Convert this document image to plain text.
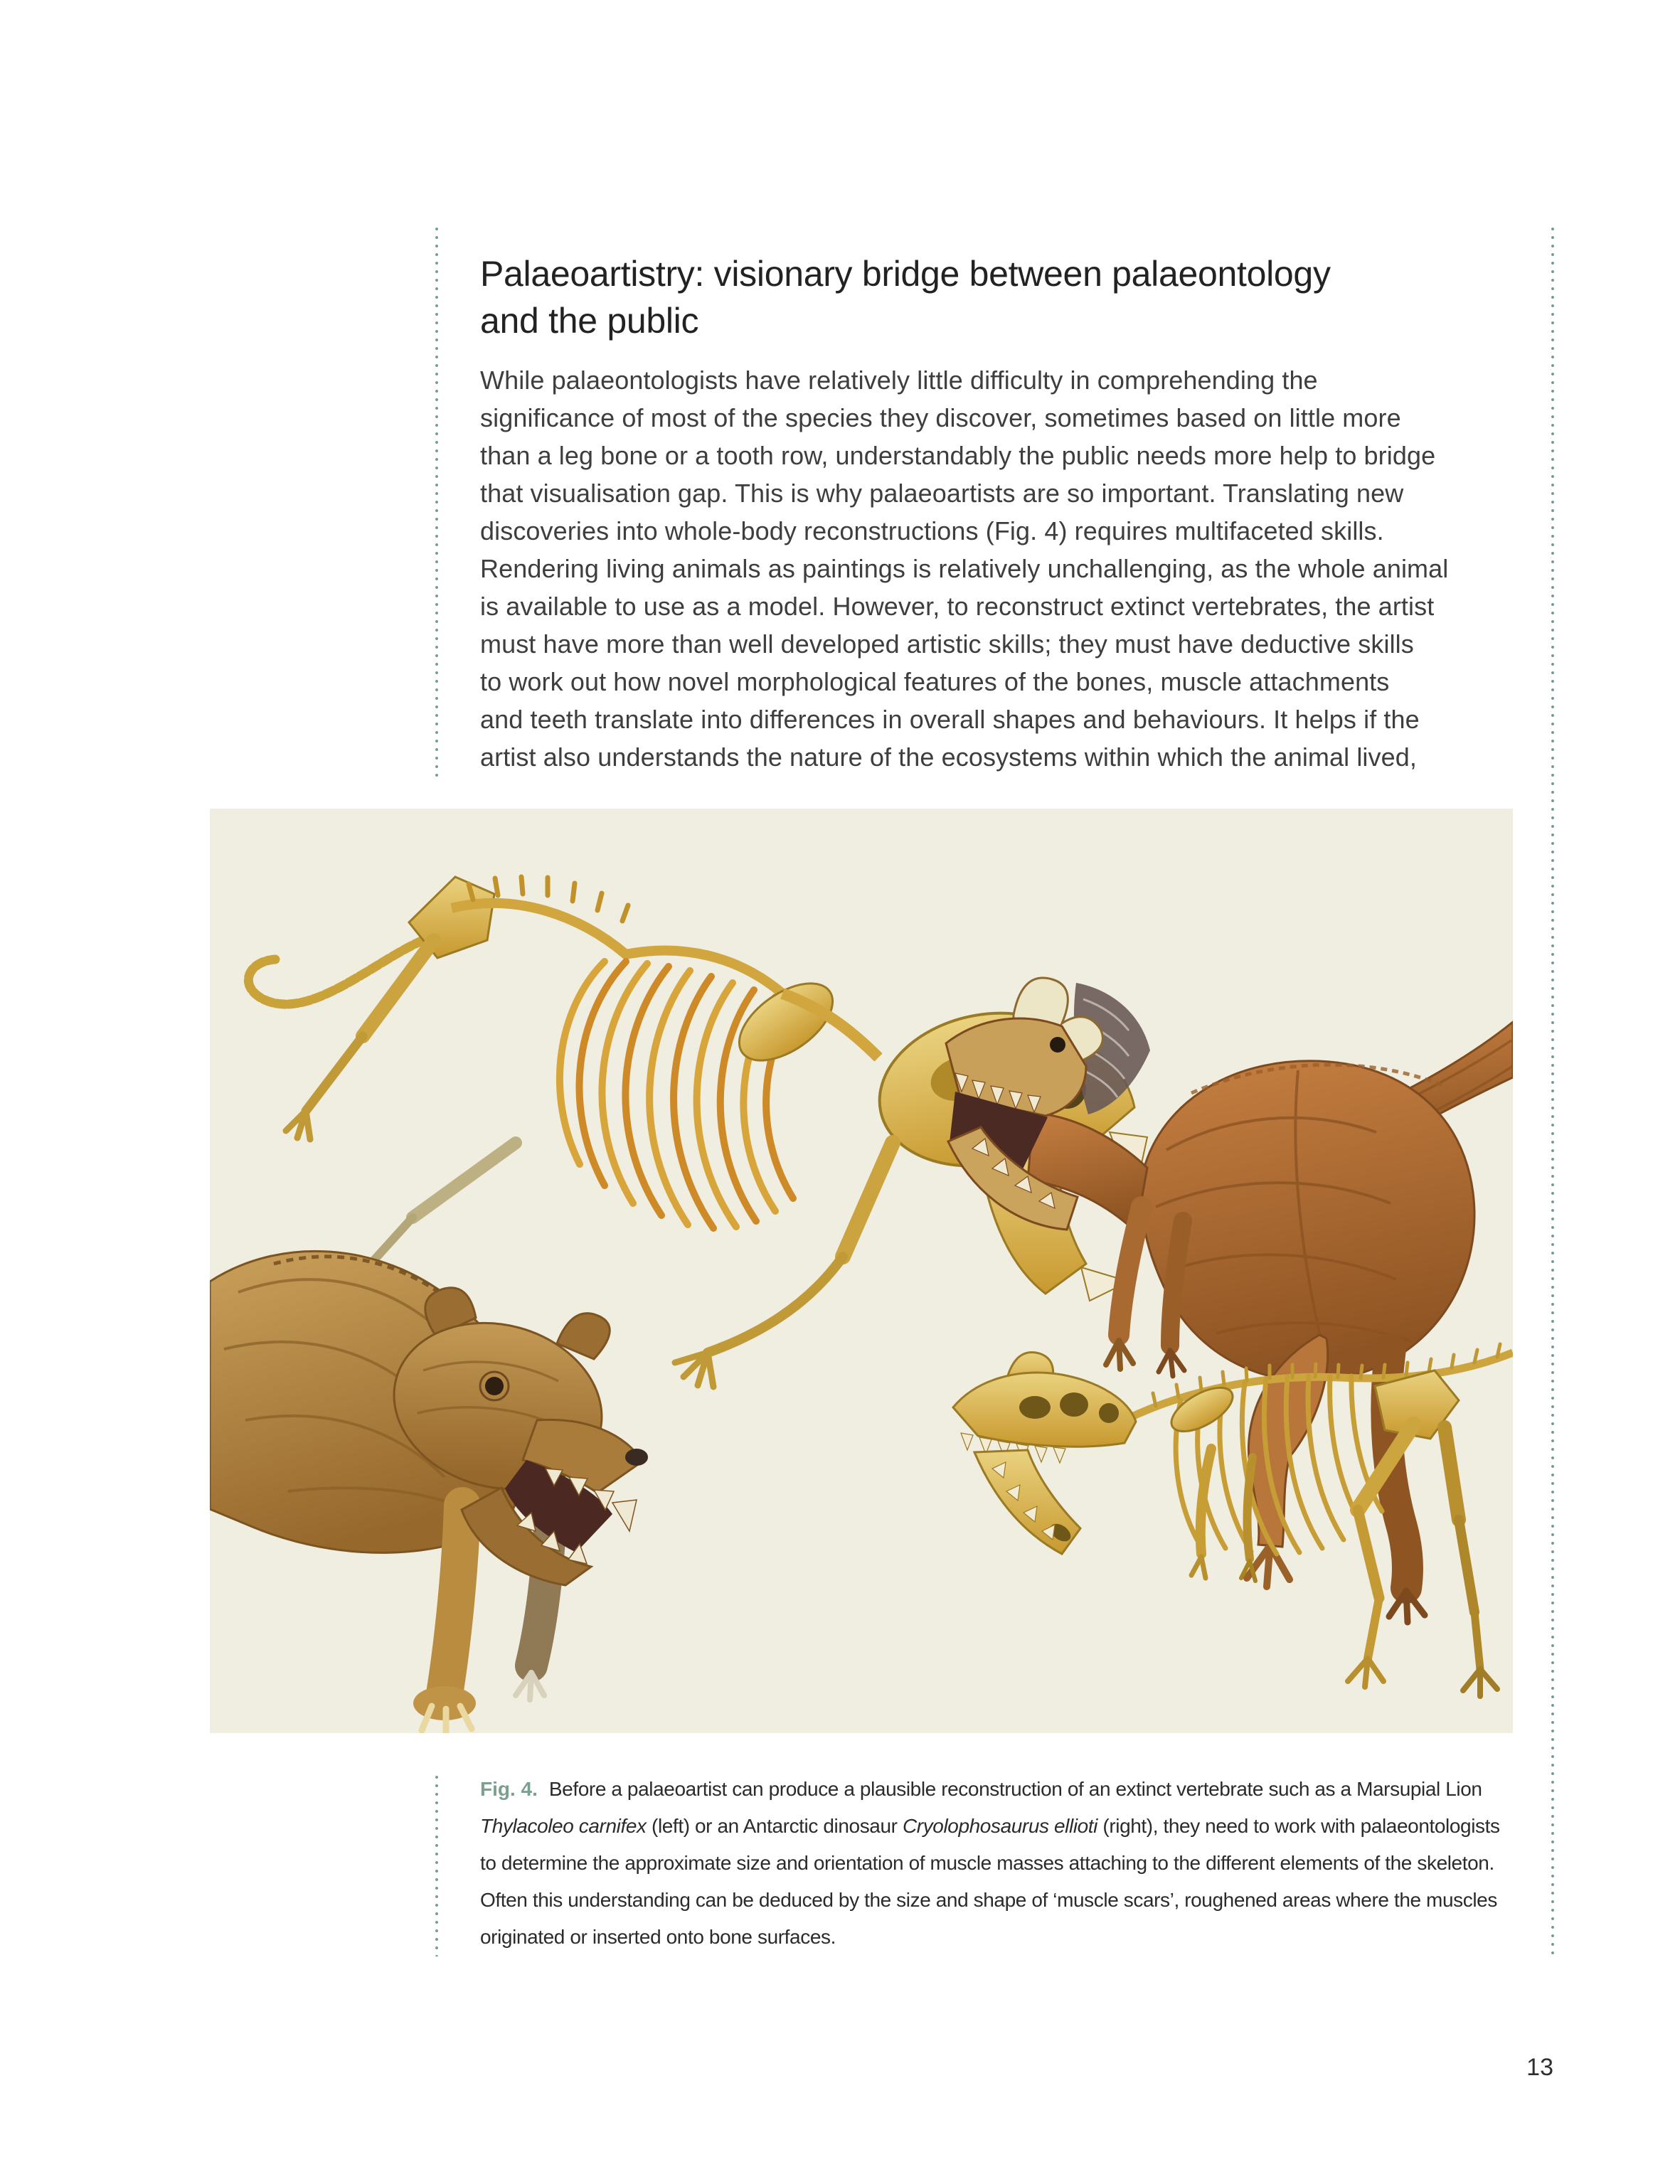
Palaeoartistry: visionary bridge between palaeontology
and the public
While palaeontologists have relatively little difficulty in comprehending the
significance of most of the species they discover, sometimes based on little more
than a leg bone or a tooth row, understandably the public needs more help to bridge
that visualisation gap. This is why palaeoartists are so important. Translating new
discoveries into whole-body reconstructions (Fig. 4) requires multifaceted skills.
Rendering living animals as paintings is relatively unchallenging, as the whole animal
is available to use as a model. However, to reconstruct extinct vertebrates, the artist
must have more than well developed artistic skills; they must have deductive skills
to work out how novel morphological features of the bones, muscle attachments
and teeth translate into differences in overall shapes and behaviours. It helps if the
artist also understands the nature of the ecosystems within which the animal lived,
Fig. 4. Before a palaeoartist can produce a plausible reconstruction of an extinct vertebrate such as a Marsupial Lion
Thylacoleo carnifex (left) or an Antarctic dinosaur Cryolophosaurus ellioti (right), they need to work with palaeontologists
to determine the approximate size and orientation of muscle masses attaching to the different elements of the skeleton.
Often this understanding can be deduced by the size and shape of ‘muscle scars’, roughened areas where the muscles
originated or inserted onto bone surfaces.
13
